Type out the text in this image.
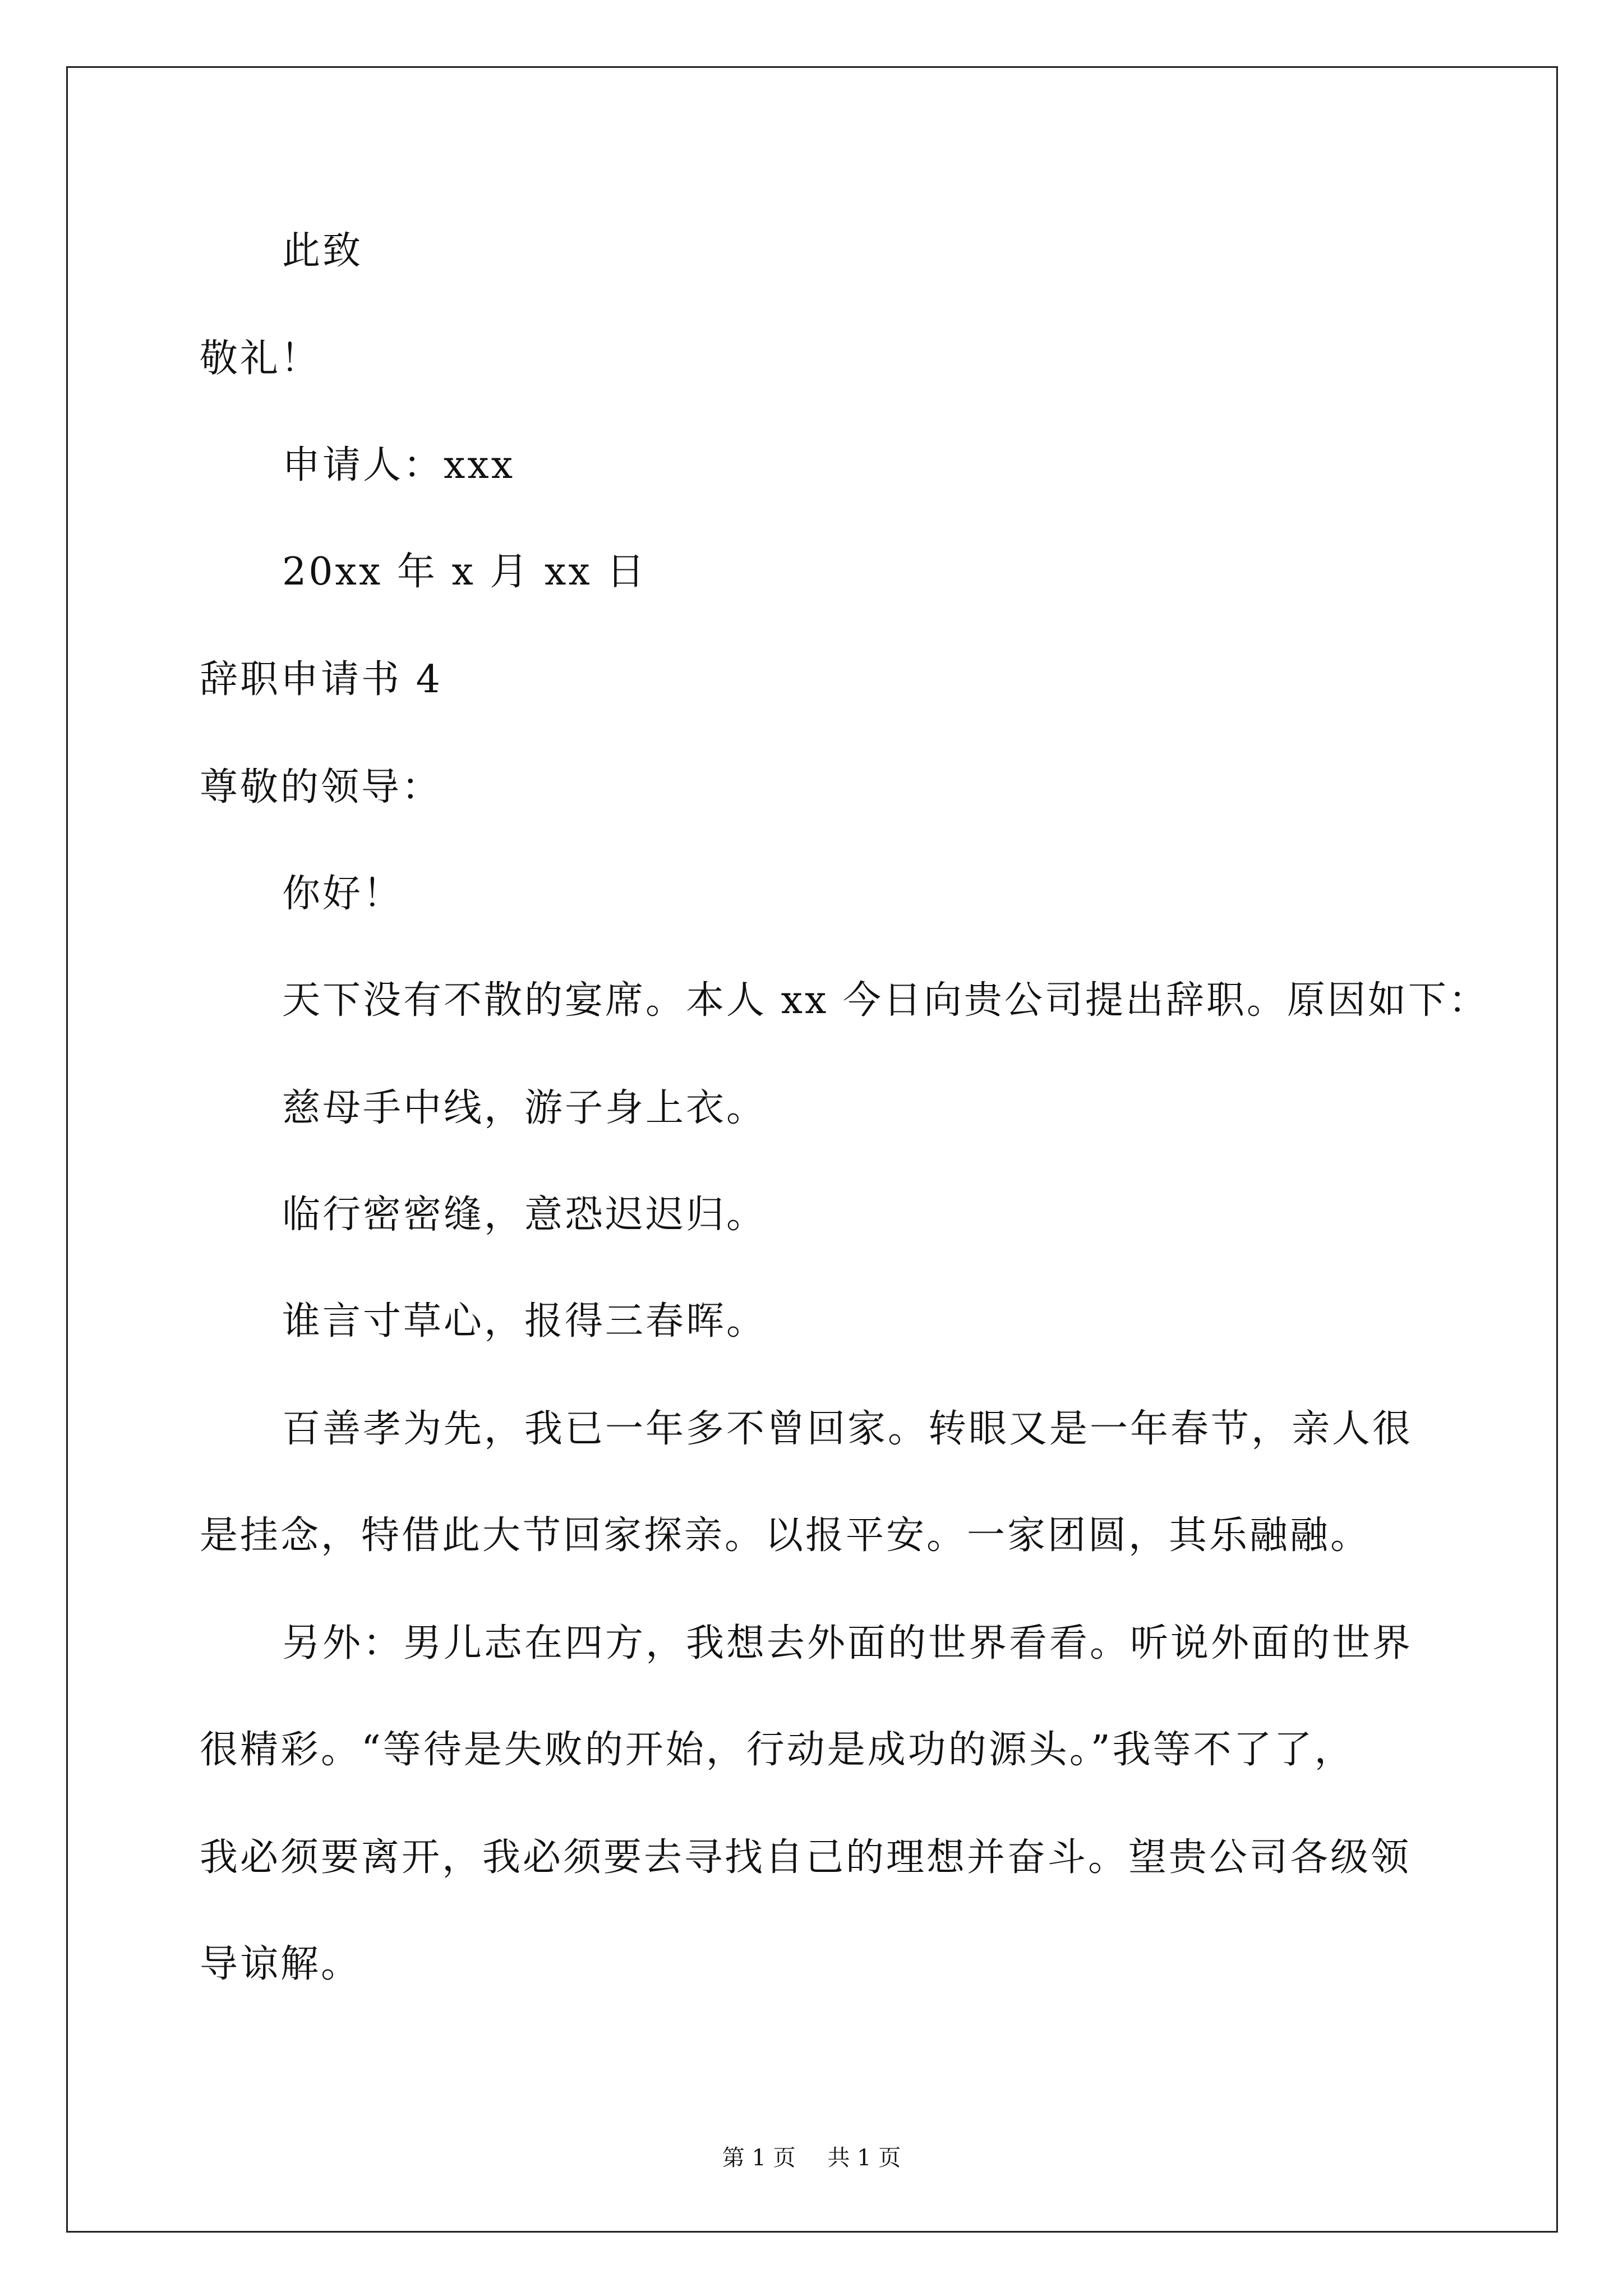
此致
敬礼！
申请人：xxx
20xx 年 x 月 xx 日
辞职申请书 4
尊敬的领导：
你好！
天下没有不散的宴席。本人 xx 今日向贵公司提出辞职。原因如下：
慈母手中线，游子身上衣。
临行密密缝，意恐迟迟归。
谁言寸草心，报得三春晖。
百善孝为先，我已一年多不曾回家。转眼又是一年春节，亲人很
是挂念，特借此大节回家探亲。以报平安。一家团圆，其乐融融。
另外：男儿志在四方，我想去外面的世界看看。听说外面的世界
很精彩。“等待是失败的开始，行动是成功的源头。”我等不了了，
我必须要离开，我必须要去寻找自己的理想并奋斗。望贵公司各级领
导谅解。
第 1 页 共 1 页
